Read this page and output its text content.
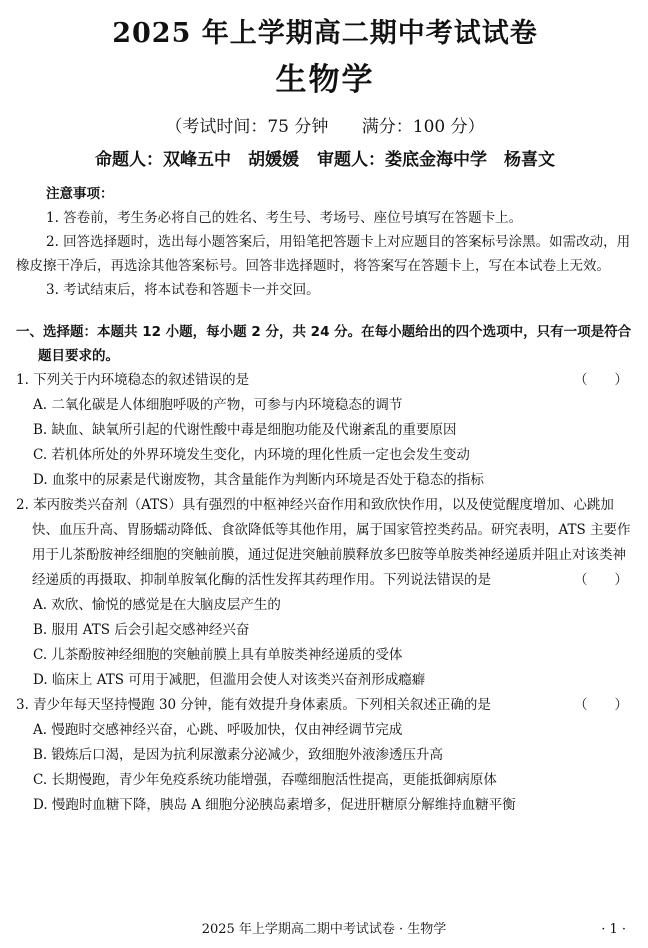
2025 年上学期高二期中考试试卷
生物学
（考试时间：75 分钟 满分：100 分）
命题人：双峰五中　胡媛媛 审题人：娄底金海中学　杨喜文
注意事项：

1. 答卷前，考生务必将自己的姓名、考生号、考场号、座位号填写在答题卡上。

2. 回答选择题时，选出每小题答案后，用铅笔把答题卡上对应题目的答案标号涂黑。如需改动，用橡皮擦干净后，再选涂其他答案标号。回答非选择题时，将答案写在答题卡上，写在本试卷上无效。

3. 考试结束后，将本试卷和答题卡一并交回。

一、选择题：本题共 12 小题，每小题 2 分，共 24 分。在每小题给出的四个选项中，只有一项是符合题目要求的。

1. 下列关于内环境稳态的叙述错误的是	（　　）

A. 二氧化碳是人体细胞呼吸的产物，可参与内环境稳态的调节

B. 缺血、缺氧所引起的代谢性酸中毒是细胞功能及代谢紊乱的重要原因

C. 若机体所处的外界环境发生变化，内环境的理化性质一定也会发生变动

D. 血浆中的尿素是代谢废物，其含量能作为判断内环境是否处于稳态的指标

2. 苯丙胺类兴奋剂（ATS）具有强烈的中枢神经兴奋作用和致欣快作用，以及使觉醒度增加、心跳加快、血压升高、胃肠蠕动降低、食欲降低等其他作用，属于国家管控类药品。研究表明，ATS 主要作用于儿茶酚胺神经细胞的突触前膜，通过促进突触前膜释放多巴胺等单胺类神经递质并阻止对该类神经递质的再摄取、抑制单胺氧化酶的活性发挥其药理作用。下列说法错误的是	（　　）

A. 欢欣、愉悦的感觉是在大脑皮层产生的

B. 服用 ATS 后会引起交感神经兴奋

C. 儿茶酚胺神经细胞的突触前膜上具有单胺类神经递质的受体

D. 临床上 ATS 可用于减肥，但滥用会使人对该类兴奋剂形成瘾癖

3. 青少年每天坚持慢跑 30 分钟，能有效提升身体素质。下列相关叙述正确的是	（　　）

A. 慢跑时交感神经兴奋，心跳、呼吸加快，仅由神经调节完成

B. 锻炼后口渴，是因为抗利尿激素分泌减少，致细胞外液渗透压升高

C. 长期慢跑，青少年免疫系统功能增强，吞噬细胞活性提高，更能抵御病原体

D. 慢跑时血糖下降，胰岛 A 细胞分泌胰岛素增多，促进肝糖原分解维持血糖平衡

2025 年上学期高二期中考试试卷 · 生物学	· 1 ·
